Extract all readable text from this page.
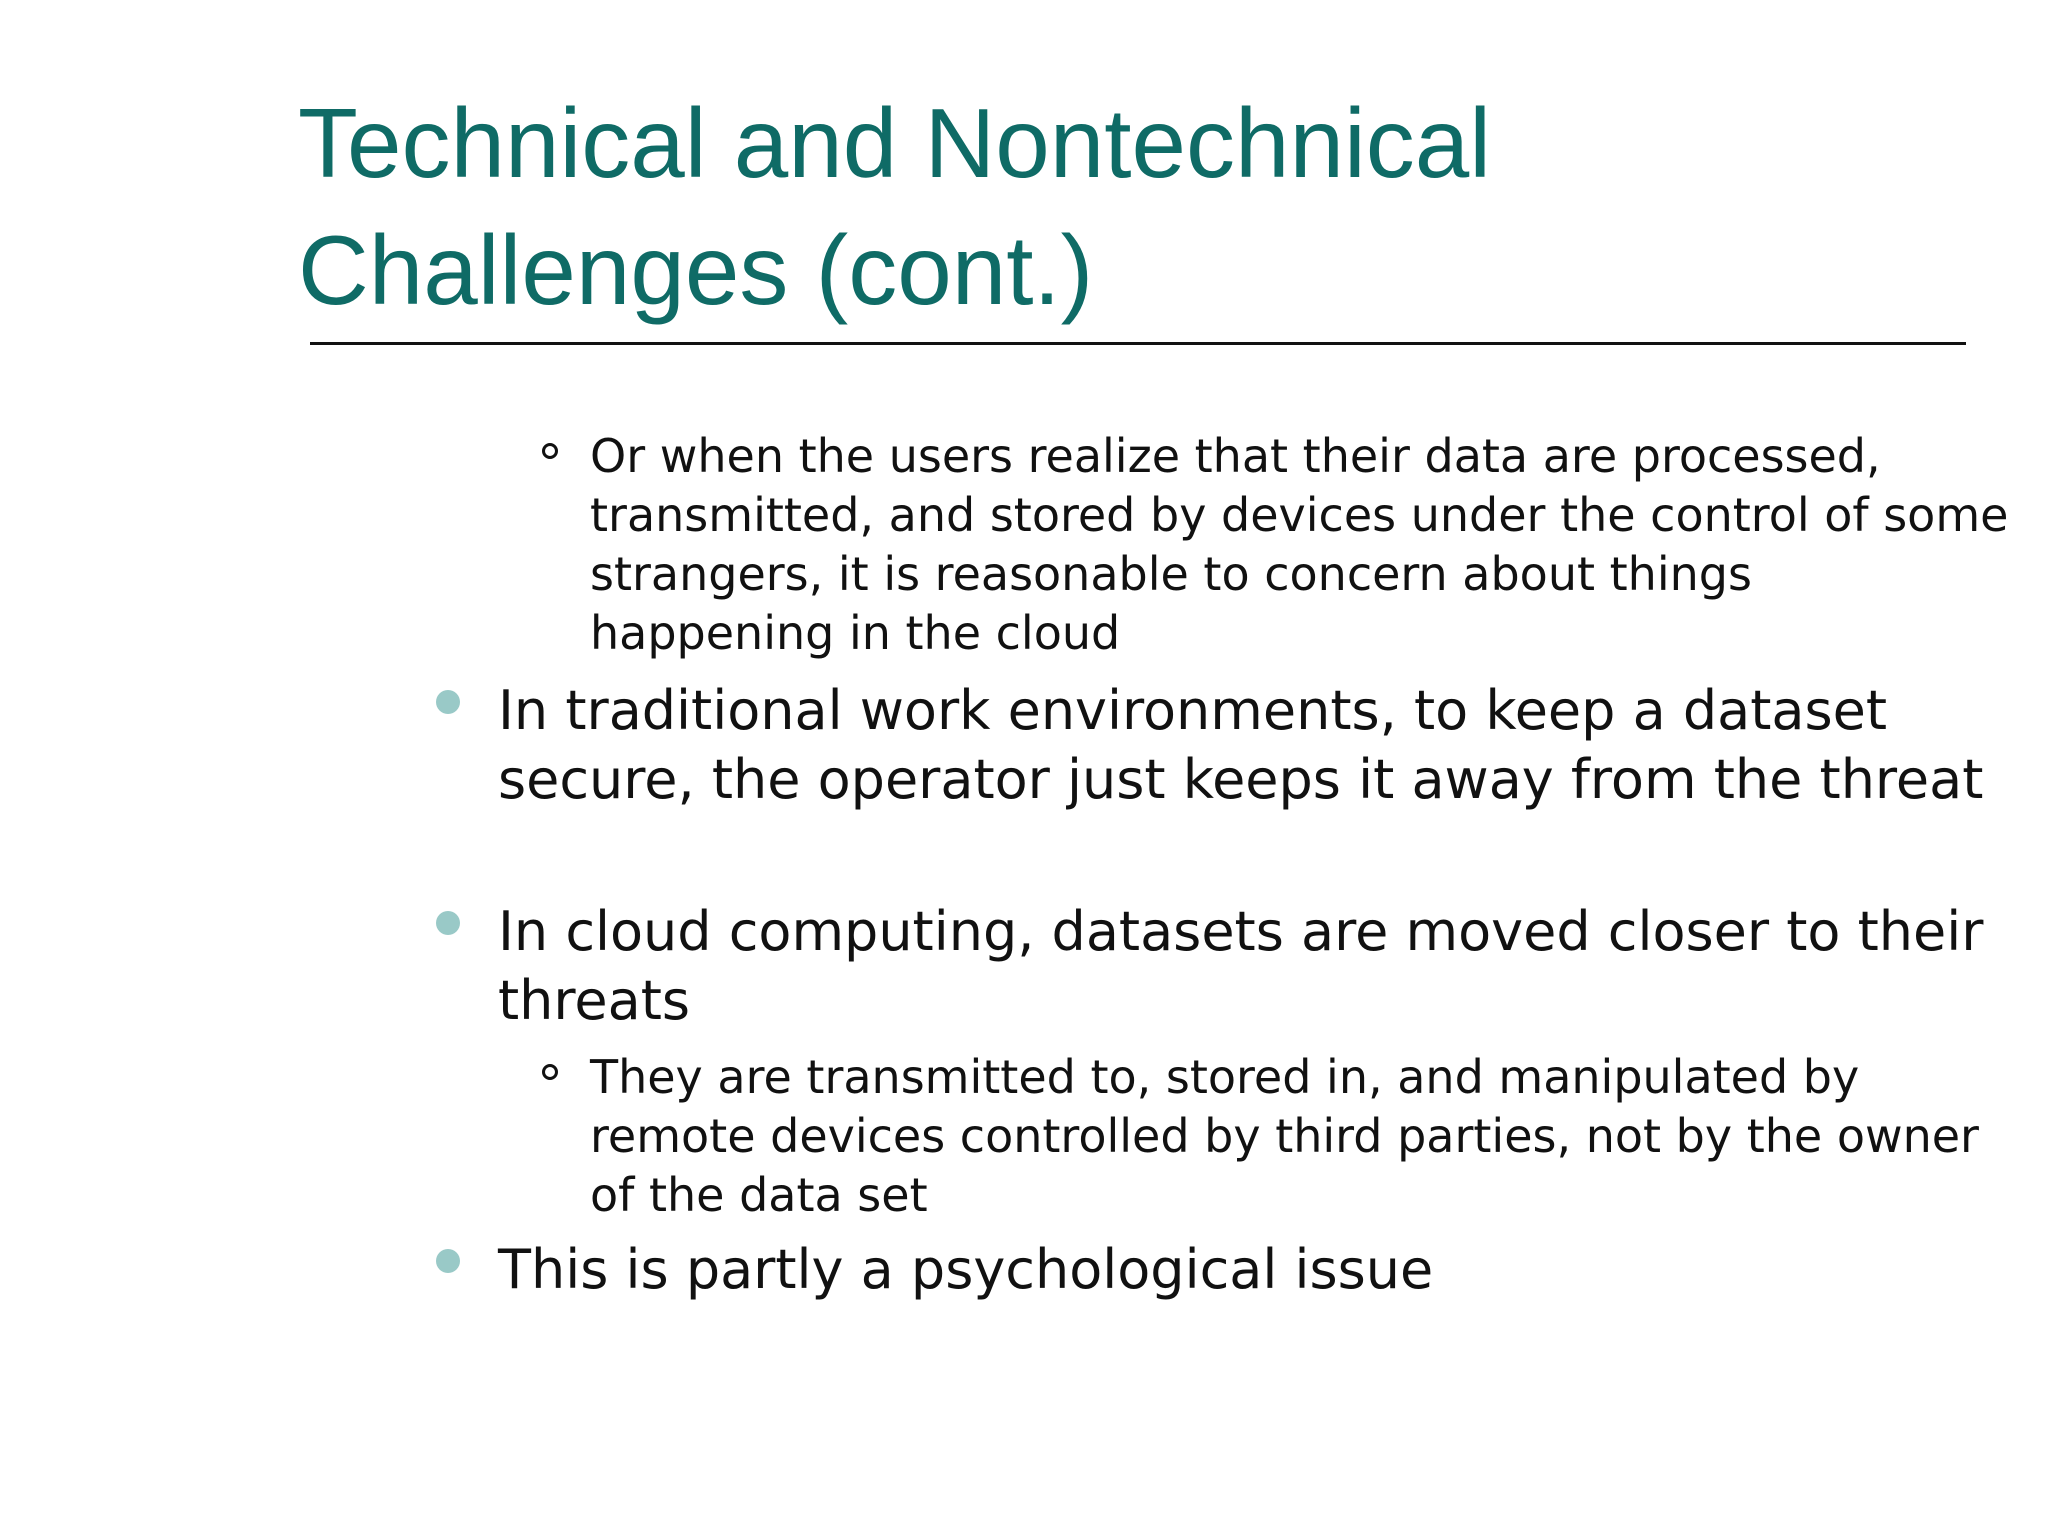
Technical and Nontechnical Challenges (cont.)
Or when the users realize that their data are processed, transmitted, and stored by devices under the control of some strangers, it is reasonable to concern about things happening in the cloud
In traditional work environments, to keep a dataset secure, the operator just keeps it away from the threat
In cloud computing, datasets are moved closer to their threats
They are transmitted to, stored in, and manipulated by remote devices controlled by third parties, not by the owner of the data set
This is partly a psychological issue
